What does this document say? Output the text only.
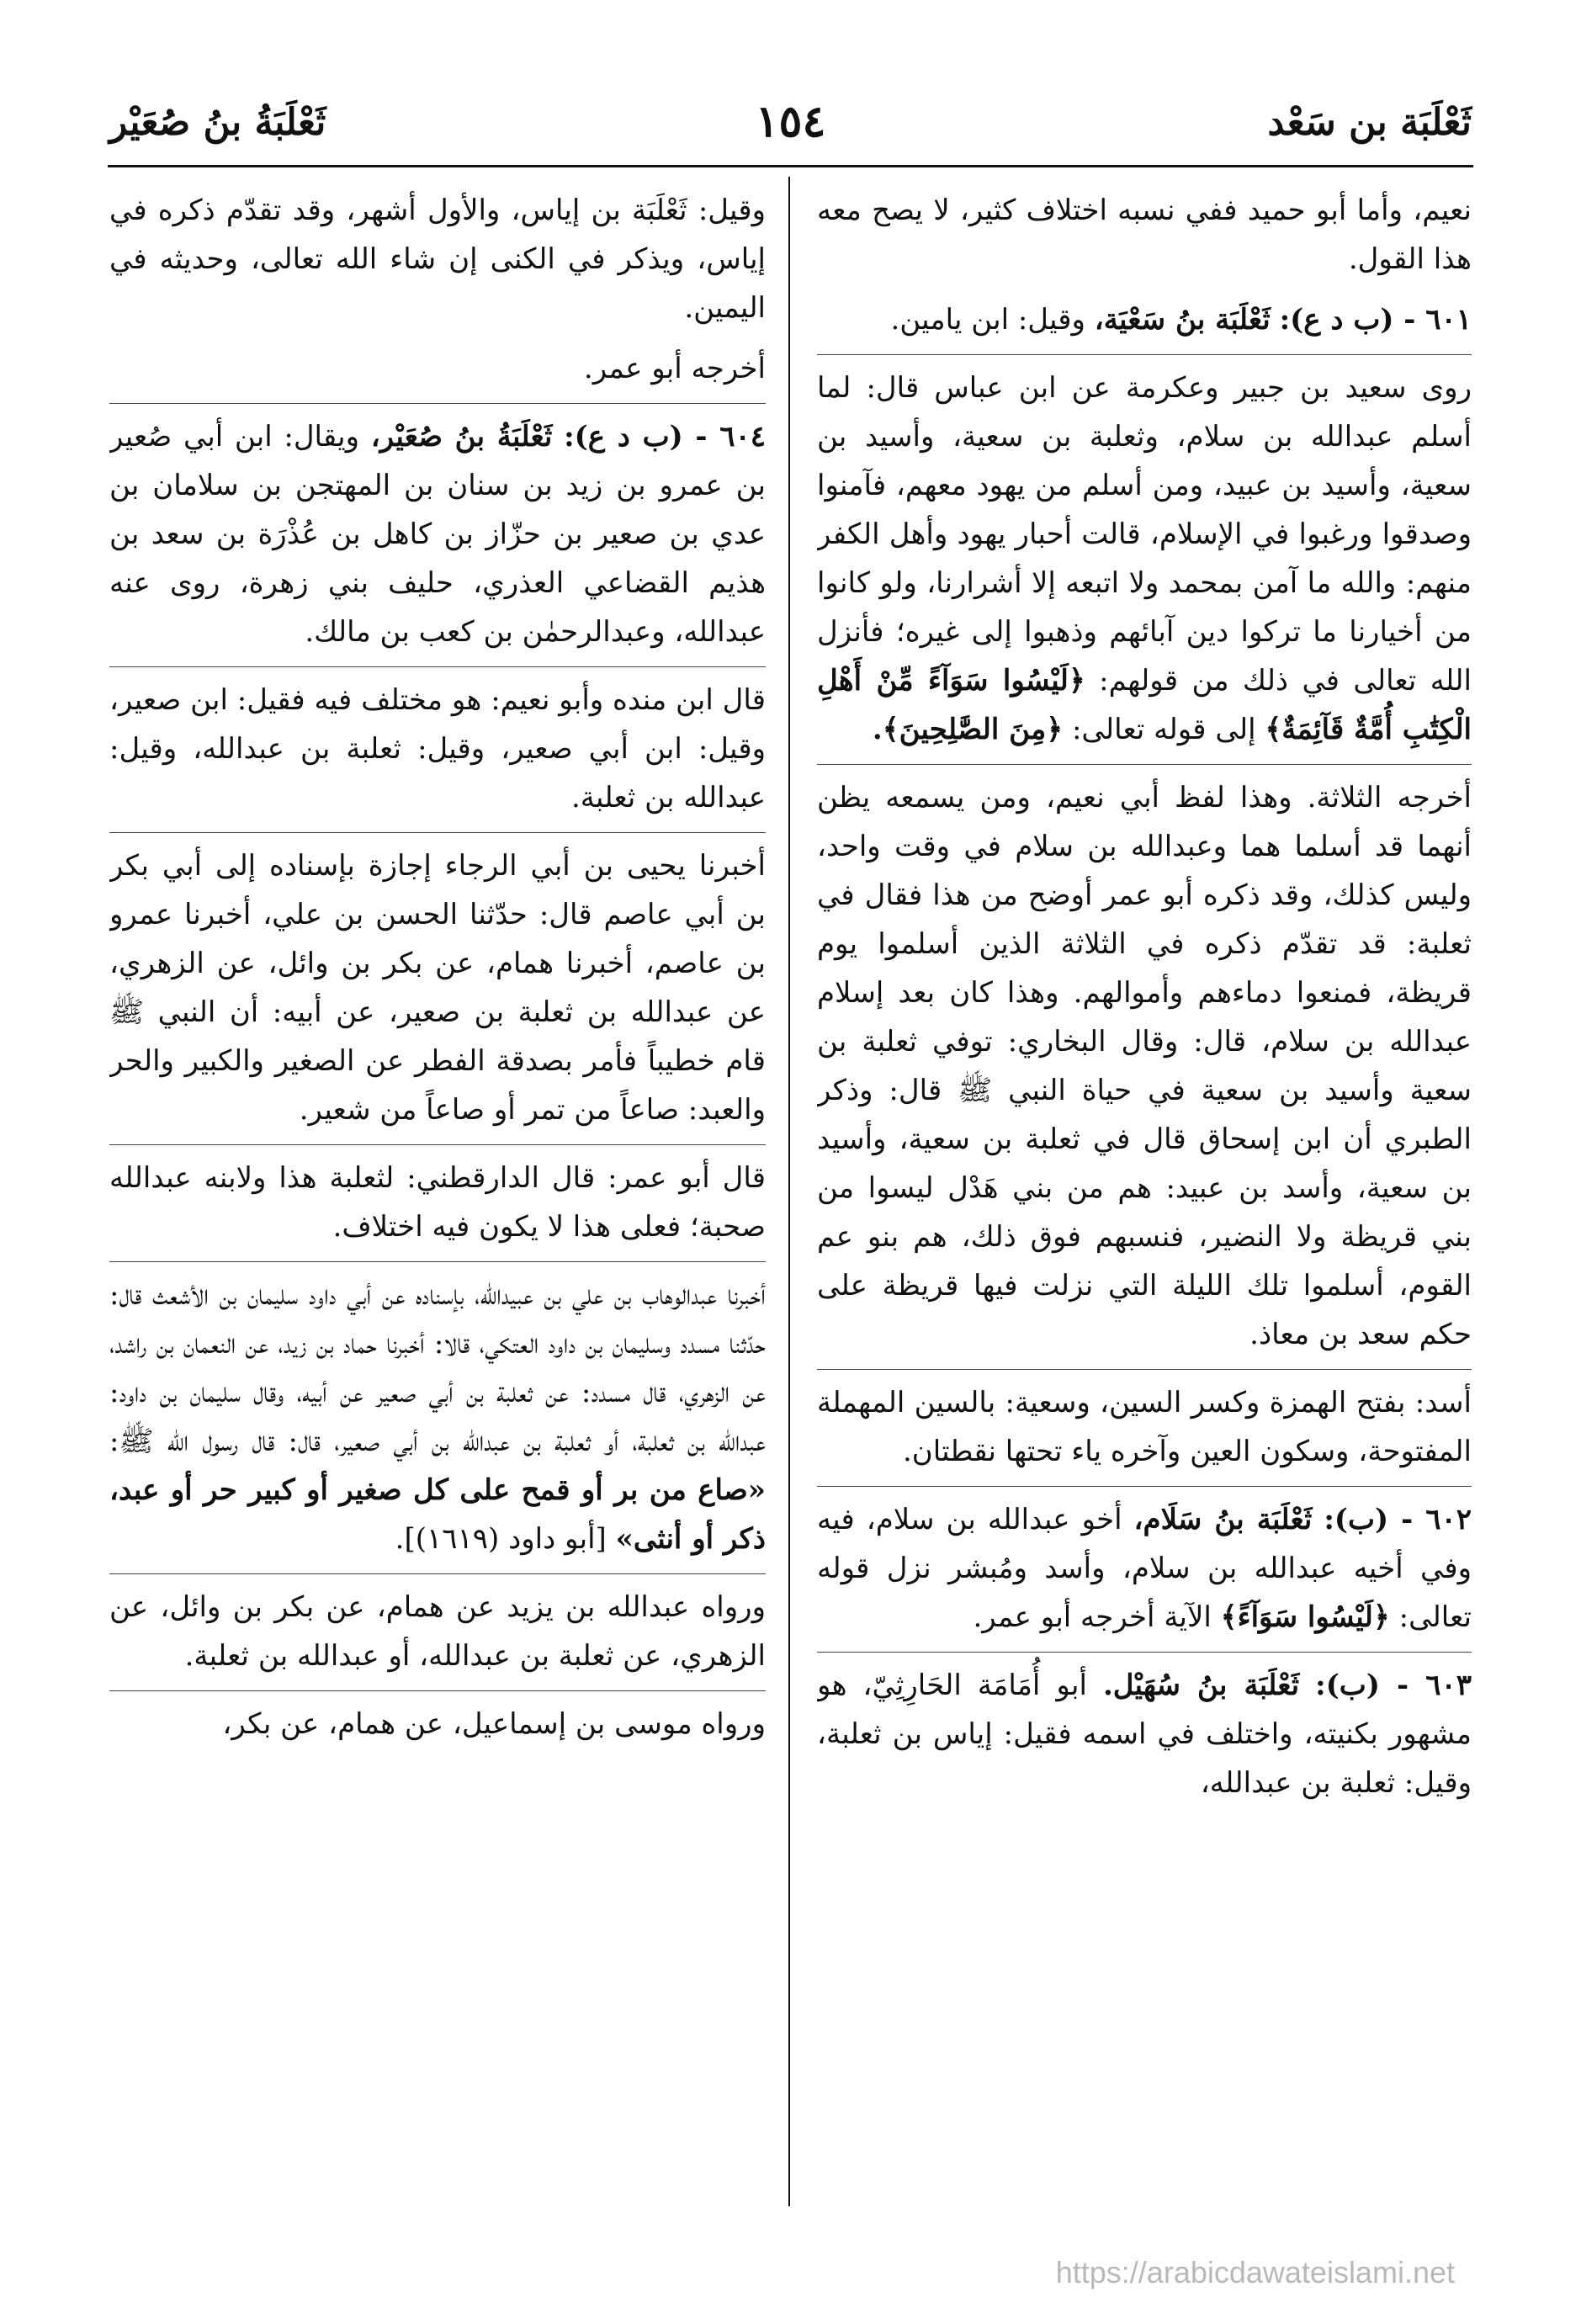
ثَعْلَبَة بن سَعْد
١٥٤
ثَعْلَبَةُ بنُ صُعَيْر

نعيم، وأما أبو حميد ففي نسبه اختلاف كثير، لا يصح معه هذا القول.

٦٠١ - (ب د ع): ثَعْلَبَة بنُ سَعْيَة، وقيل: ابن يامين.

روى سعيد بن جبير وعكرمة عن ابن عباس قال: لما أسلم عبدالله بن سلام، وثعلبة بن سعية، وأسيد بن سعية، وأسيد بن عبيد، ومن أسلم من يهود معهم، فآمنوا وصدقوا ورغبوا في الإسلام، قالت أحبار يهود وأهل الكفر منهم: والله ما آمن بمحمد ولا اتبعه إلا أشرارنا، ولو كانوا من أخيارنا ما تركوا دين آبائهم وذهبوا إلى غيره؛ فأنزل الله تعالى في ذلك من قولهم: ﴿لَيْسُوا سَوَآءً مِّنْ أَهْلِ الْكِتَٰبِ أُمَّةٌ قَآئِمَةٌ﴾ إلى قوله تعالى: ﴿مِنَ الصَّٰلِحِينَ﴾.

أخرجه الثلاثة. وهذا لفظ أبي نعيم، ومن يسمعه يظن أنهما قد أسلما هما وعبدالله بن سلام في وقت واحد، وليس كذلك، وقد ذكره أبو عمر أوضح من هذا فقال في ثعلبة: قد تقدّم ذكره في الثلاثة الذين أسلموا يوم قريظة، فمنعوا دماءهم وأموالهم. وهذا كان بعد إسلام عبدالله بن سلام، قال: وقال البخاري: توفي ثعلبة بن سعية وأسيد بن سعية في حياة النبي ﷺ قال: وذكر الطبري أن ابن إسحاق قال في ثعلبة بن سعية، وأسيد بن سعية، وأسد بن عبيد: هم من بني هَدْل ليسوا من بني قريظة ولا النضير، فنسبهم فوق ذلك، هم بنو عم القوم، أسلموا تلك الليلة التي نزلت فيها قريظة على حكم سعد بن معاذ.

أسد: بفتح الهمزة وكسر السين، وسعية: بالسين المهملة المفتوحة، وسكون العين وآخره ياء تحتها نقطتان.

٦٠٢ - (ب): ثَعْلَبَة بنُ سَلَام، أخو عبدالله بن سلام، فيه وفي أخيه عبدالله بن سلام، وأسد ومُبشر نزل قوله تعالى: ﴿لَيْسُوا سَوَآءً﴾ الآية أخرجه أبو عمر.

٦٠٣ - (ب): ثَعْلَبَة بنُ سُهَيْل. أبو أُمَامَة الحَارِثِيّ، هو مشهور بكنيته، واختلف في اسمه فقيل: إياس بن ثعلبة، وقيل: ثعلبة بن عبدالله،

وقيل: ثَعْلَبَة بن إياس، والأول أشهر، وقد تقدّم ذكره في إياس، ويذكر في الكنى إن شاء الله تعالى، وحديثه في اليمين.

أخرجه أبو عمر.

٦٠٤ - (ب د ع): ثَعْلَبَةُ بنُ صُعَيْر، ويقال: ابن أبي صُعير بن عمرو بن زيد بن سنان بن المهتجن بن سلامان بن عدي بن صعير بن حزّاز بن كاهل بن عُذْرَة بن سعد بن هذيم القضاعي العذري، حليف بني زهرة، روى عنه عبدالله، وعبدالرحمٰن بن كعب بن مالك.

قال ابن منده وأبو نعيم: هو مختلف فيه فقيل: ابن صعير، وقيل: ابن أبي صعير، وقيل: ثعلبة بن عبدالله، وقيل: عبدالله بن ثعلبة.

أخبرنا يحيى بن أبي الرجاء إجازة بإسناده إلى أبي بكر بن أبي عاصم قال: حدّثنا الحسن بن علي، أخبرنا عمرو بن عاصم، أخبرنا همام، عن بكر بن وائل، عن الزهري، عن عبدالله بن ثعلبة بن صعير، عن أبيه: أن النبي ﷺ قام خطيباً فأمر بصدقة الفطر عن الصغير والكبير والحر والعبد: صاعاً من تمر أو صاعاً من شعير.

قال أبو عمر: قال الدارقطني: لثعلبة هذا ولابنه عبدالله صحبة؛ فعلى هذا لا يكون فيه اختلاف.

أخبرنا عبدالوهاب بن علي بن عبيدالله، بإسناده عن أبي داود سليمان بن الأشعث قال: حدّثنا مسدد وسليمان بن داود العتكي، قالا: أخبرنا حماد بن زيد، عن النعمان بن راشد، عن الزهري، قال مسدد: عن ثعلبة بن أبي صعير عن أبيه، وقال سليمان بن داود: عبدالله بن ثعلبة، أو ثعلبة بن عبدالله بن أبي صعير، قال: قال رسول الله ﷺ: «صاع من بر أو قمح على كل صغير أو كبير حر أو عبد، ذكر أو أنثى» [أبو داود (١٦١٩)].

ورواه عبدالله بن يزيد عن همام، عن بكر بن وائل، عن الزهري، عن ثعلبة بن عبدالله، أو عبدالله بن ثعلبة.

ورواه موسى بن إسماعيل، عن همام، عن بكر،

https://arabicdawateislami.net
